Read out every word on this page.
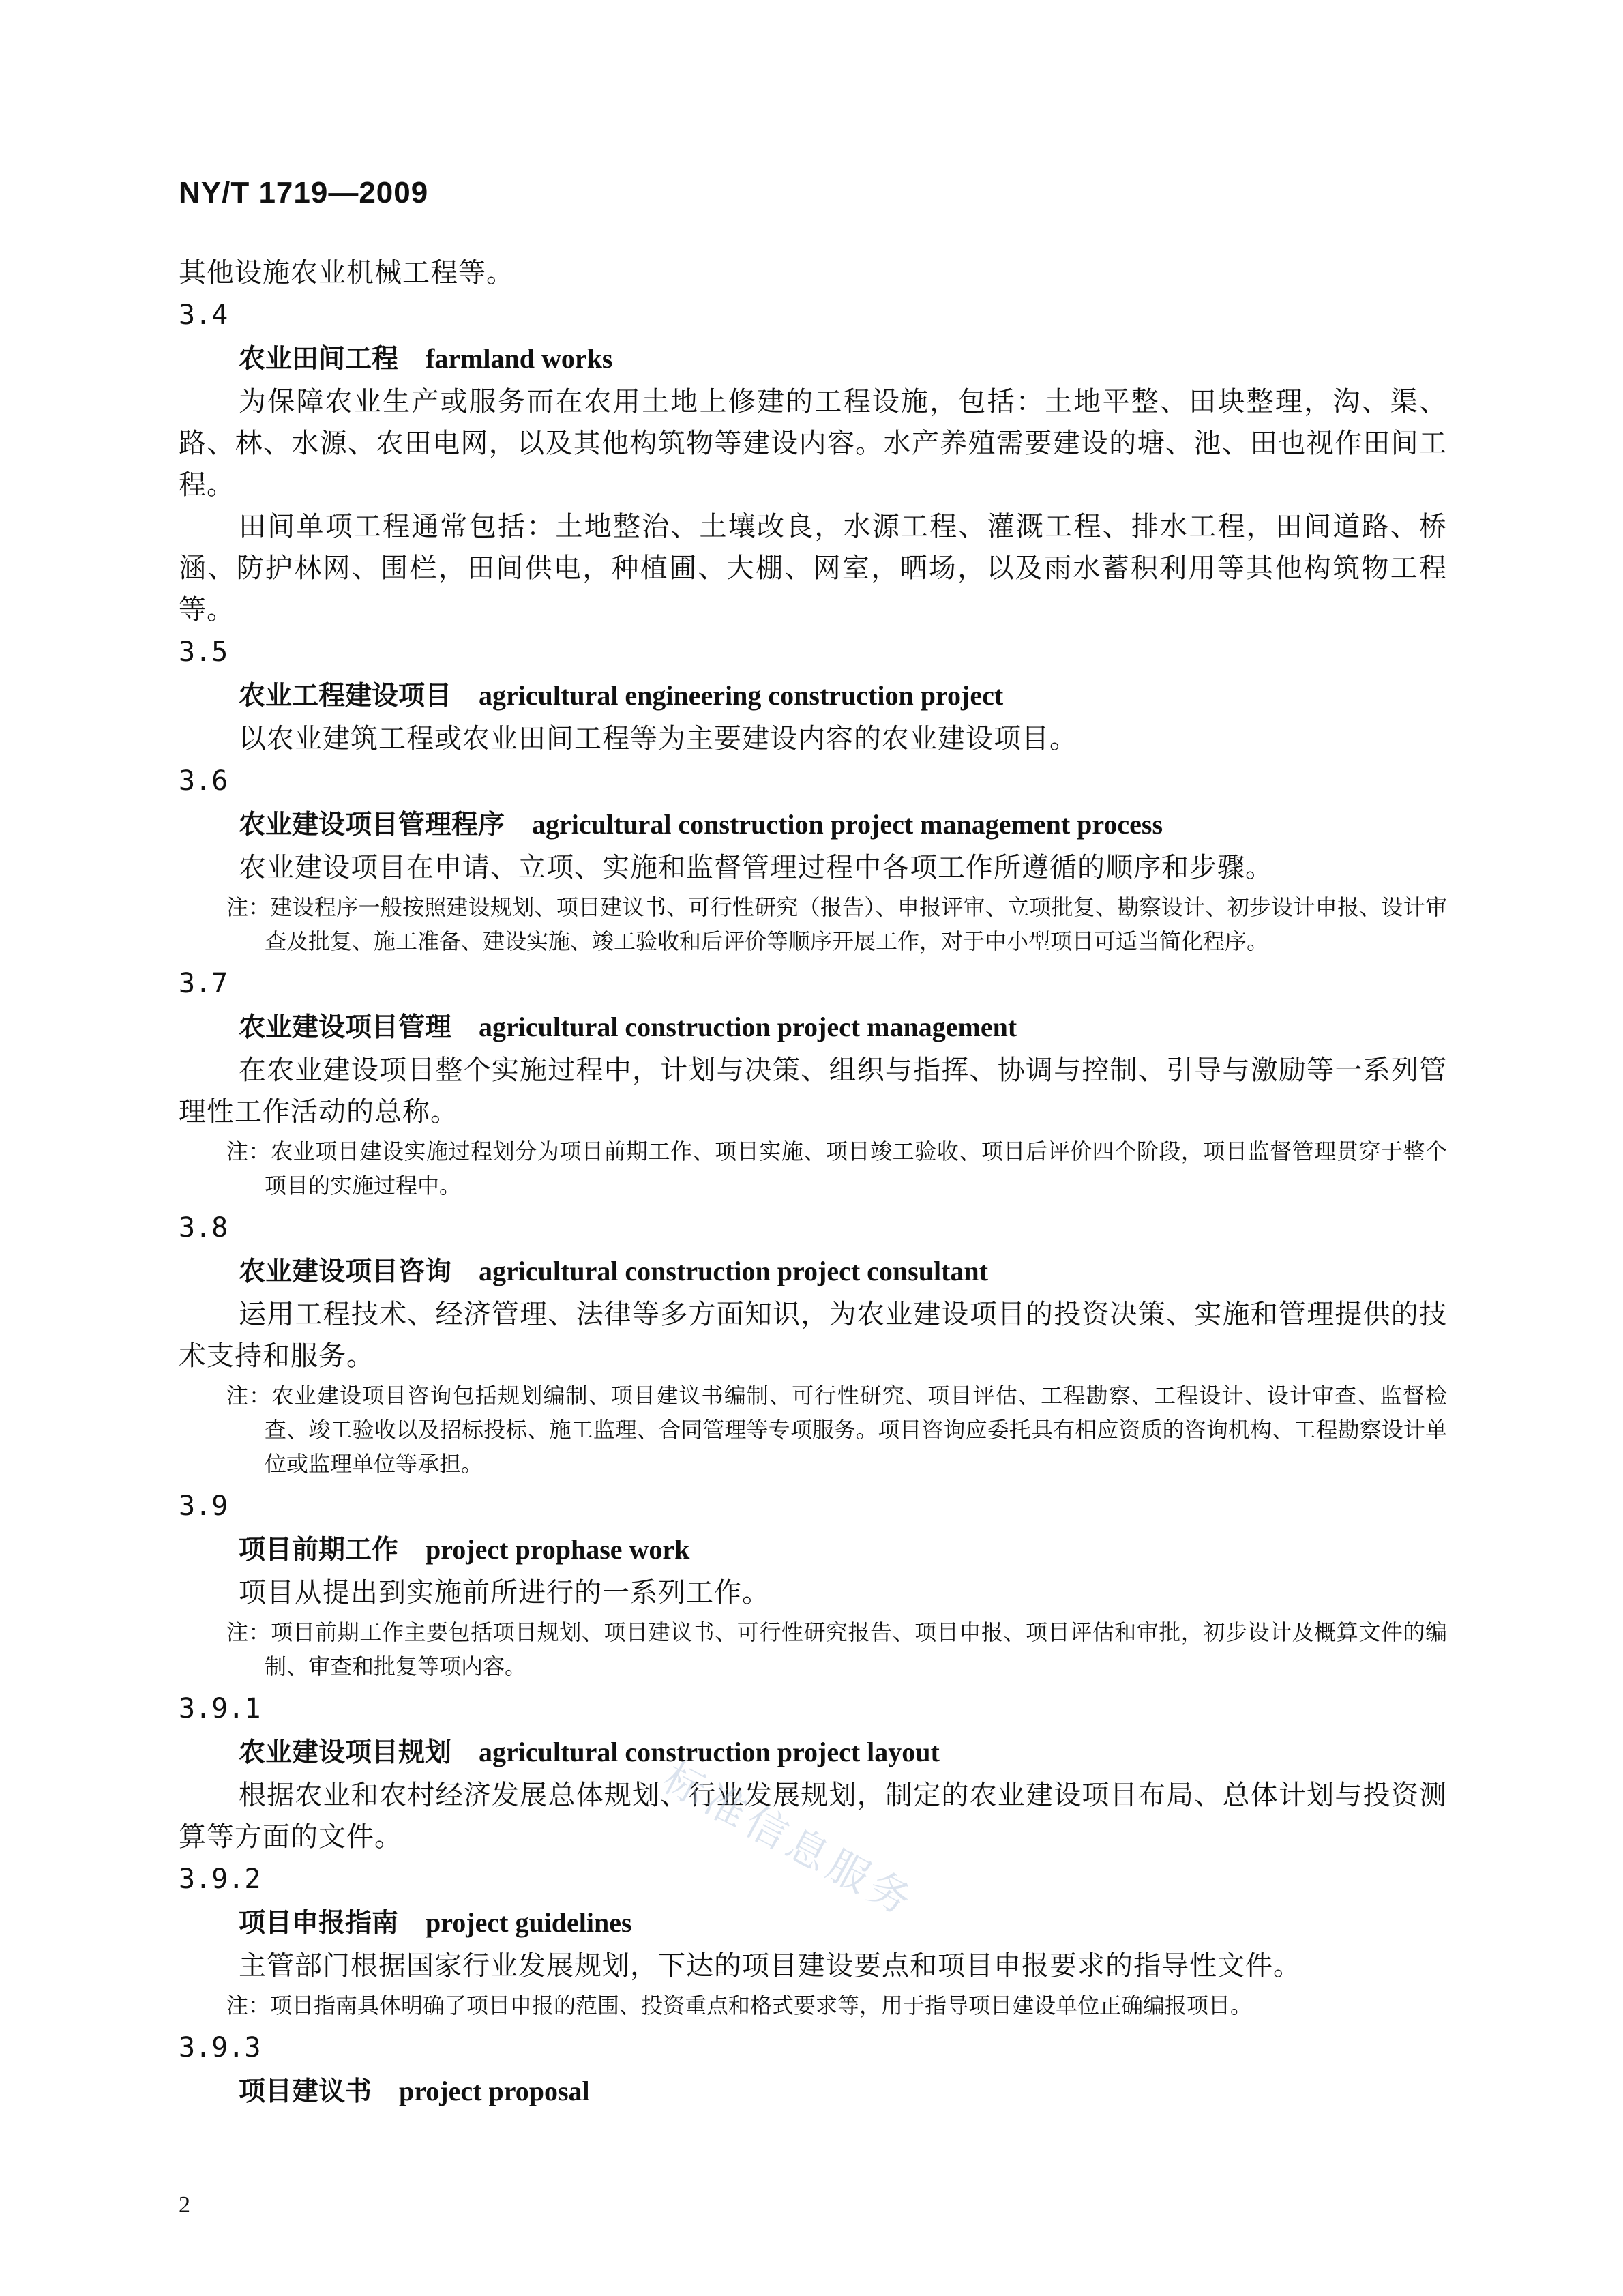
NY/T 1719—2009

其他设施农业机械工程等。

3.4

农业田间工程 farmland works

为保障农业生产或服务而在农用土地上修建的工程设施，包括：土地平整、田块整理，沟、渠、路、林、水源、农田电网，以及其他构筑物等建设内容。水产养殖需要建设的塘、池、田也视作田间工程。

田间单项工程通常包括：土地整治、土壤改良，水源工程、灌溉工程、排水工程，田间道路、桥涵、防护林网、围栏，田间供电，种植圃、大棚、网室，晒场，以及雨水蓄积利用等其他构筑物工程等。

3.5

农业工程建设项目 agricultural engineering construction project

以农业建筑工程或农业田间工程等为主要建设内容的农业建设项目。

3.6

农业建设项目管理程序 agricultural construction project management process

农业建设项目在申请、立项、实施和监督管理过程中各项工作所遵循的顺序和步骤。

注：建设程序一般按照建设规划、项目建议书、可行性研究（报告）、申报评审、立项批复、勘察设计、初步设计申报、设计审查及批复、施工准备、建设实施、竣工验收和后评价等顺序开展工作，对于中小型项目可适当简化程序。

3.7

农业建设项目管理 agricultural construction project management

在农业建设项目整个实施过程中，计划与决策、组织与指挥、协调与控制、引导与激励等一系列管理性工作活动的总称。

注：农业项目建设实施过程划分为项目前期工作、项目实施、项目竣工验收、项目后评价四个阶段，项目监督管理贯穿于整个项目的实施过程中。

3.8

农业建设项目咨询 agricultural construction project consultant

运用工程技术、经济管理、法律等多方面知识，为农业建设项目的投资决策、实施和管理提供的技术支持和服务。

注：农业建设项目咨询包括规划编制、项目建议书编制、可行性研究、项目评估、工程勘察、工程设计、设计审查、监督检查、竣工验收以及招标投标、施工监理、合同管理等专项服务。项目咨询应委托具有相应资质的咨询机构、工程勘察设计单位或监理单位等承担。

3.9

项目前期工作 project prophase work

项目从提出到实施前所进行的一系列工作。

注：项目前期工作主要包括项目规划、项目建议书、可行性研究报告、项目申报、项目评估和审批，初步设计及概算文件的编制、审查和批复等项内容。

3.9.1

农业建设项目规划 agricultural construction project layout

根据农业和农村经济发展总体规划、行业发展规划，制定的农业建设项目布局、总体计划与投资测算等方面的文件。

3.9.2

项目申报指南 project guidelines

主管部门根据国家行业发展规划，下达的项目建设要点和项目申报要求的指导性文件。

注：项目指南具体明确了项目申报的范围、投资重点和格式要求等，用于指导项目建设单位正确编报项目。

3.9.3

项目建议书 project proposal

标准信息服务
2
